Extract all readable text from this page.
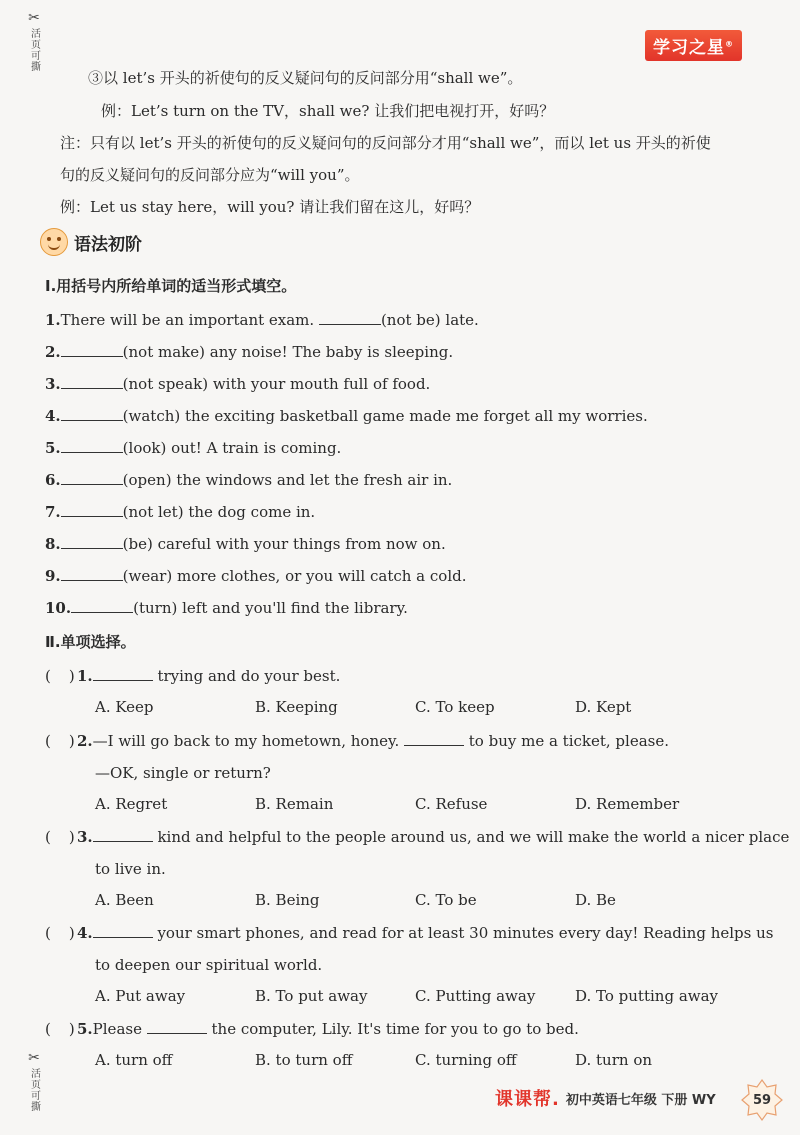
✂
活页可撕
✂
活页可撕
学习之星®
③以 let’s 开头的祈使句的反义疑问句的反问部分用“shall we”。
例：Let’s turn on the TV，shall we? 让我们把电视打开，好吗？
注：只有以 let’s 开头的祈使句的反义疑问句的反问部分才用“shall we”，而以 let us 开头的祈使
句的反义疑问句的反问部分应为“will you”。
例：Let us stay here，will you? 请让我们留在这儿，好吗？
语法初阶
Ⅰ.用括号内所给单词的适当形式填空。
1.There will be an important exam.	(not be) late.
2.	(not make) any noise! The baby is sleeping.
3.	(not speak) with your mouth full of food.
4.	(watch) the exciting basketball game made me forget all my worries.
5.	(look) out! A train is coming.
6.	(open) the windows and let the fresh air in.
7.	(not let) the dog come in.
8.	(be) careful with your things from now on.
9.	(wear) more clothes, or you will catch a cold.
10.	(turn) left and you'll find the library.
Ⅱ.单项选择。
( ) 1.	trying and do your best.
A. Keep	B. Keeping	C. To keep	D. Kept
( ) 2.—I will go back to my hometown, honey.	to buy me a ticket, please.
—OK, single or return?
A. Regret	B. Remain	C. Refuse	D. Remember
( ) 3.	kind and helpful to the people around us, and we will make the world a nicer place
to live in.
A. Been	B. Being	C. To be	D. Be
( ) 4.	your smart phones, and read for at least 30 minutes every day! Reading helps us
to deepen our spiritual world.
A. Put away	B. To put away	C. Putting away	D. To putting away
( ) 5.Please	the computer, Lily. It's time for you to go to bed.
A. turn off	B. to turn off	C. turning off	D. turn on
课课帮. 初中英语七年级 下册 WY	59
